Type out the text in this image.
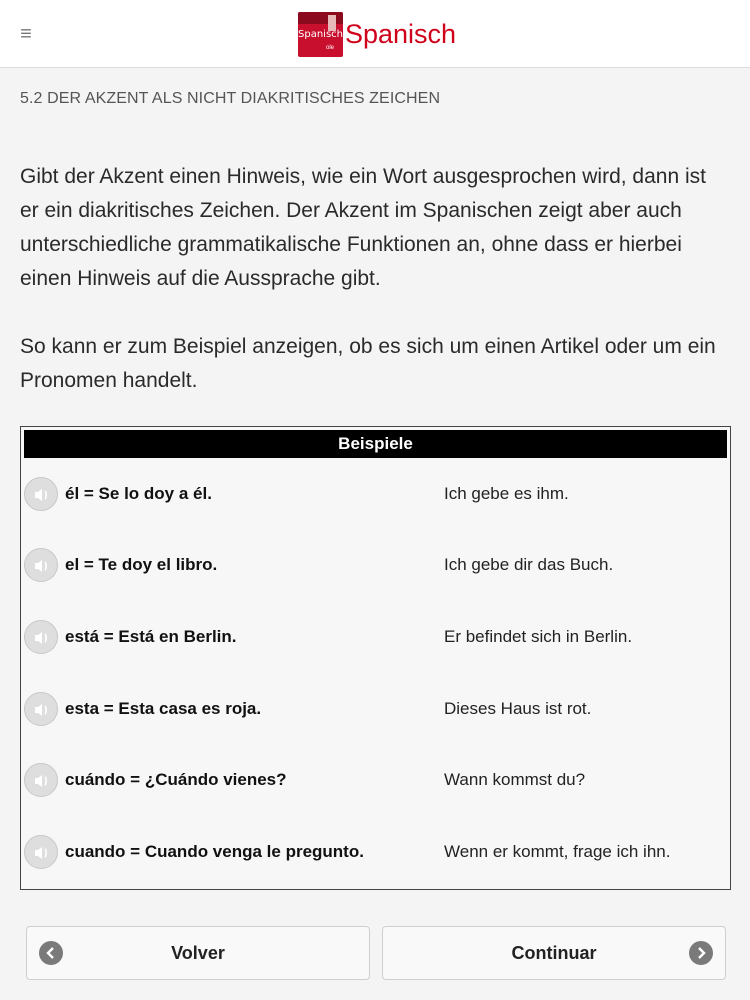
≡	Spanisch
ole Spanisch
5.2 DER AKZENT ALS NICHT DIAKRITISCHES ZEICHEN
Gibt der Akzent einen Hinweis, wie ein Wort ausgesprochen wird, dann ist er ein diakritisches Zeichen. Der Akzent im Spanischen zeigt aber auch unterschiedliche grammatikalische Funktionen an, ohne dass er hierbei einen Hinweis auf die Aussprache gibt.
So kann er zum Beispiel anzeigen, ob es sich um einen Artikel oder um ein Pronomen handelt.
Beispiele
él = Se lo doy a él.	Ich gebe es ihm.
el = Te doy el libro.	Ich gebe dir das Buch.
está = Está en Berlin.	Er befindet sich in Berlin.
esta = Esta casa es roja.	Dieses Haus ist rot.
cuándo = ¿Cuándo vienes?	Wann kommst du?
cuando = Cuando venga le pregunto.	Wenn er kommt, frage ich ihn.
Volver	Continuar
